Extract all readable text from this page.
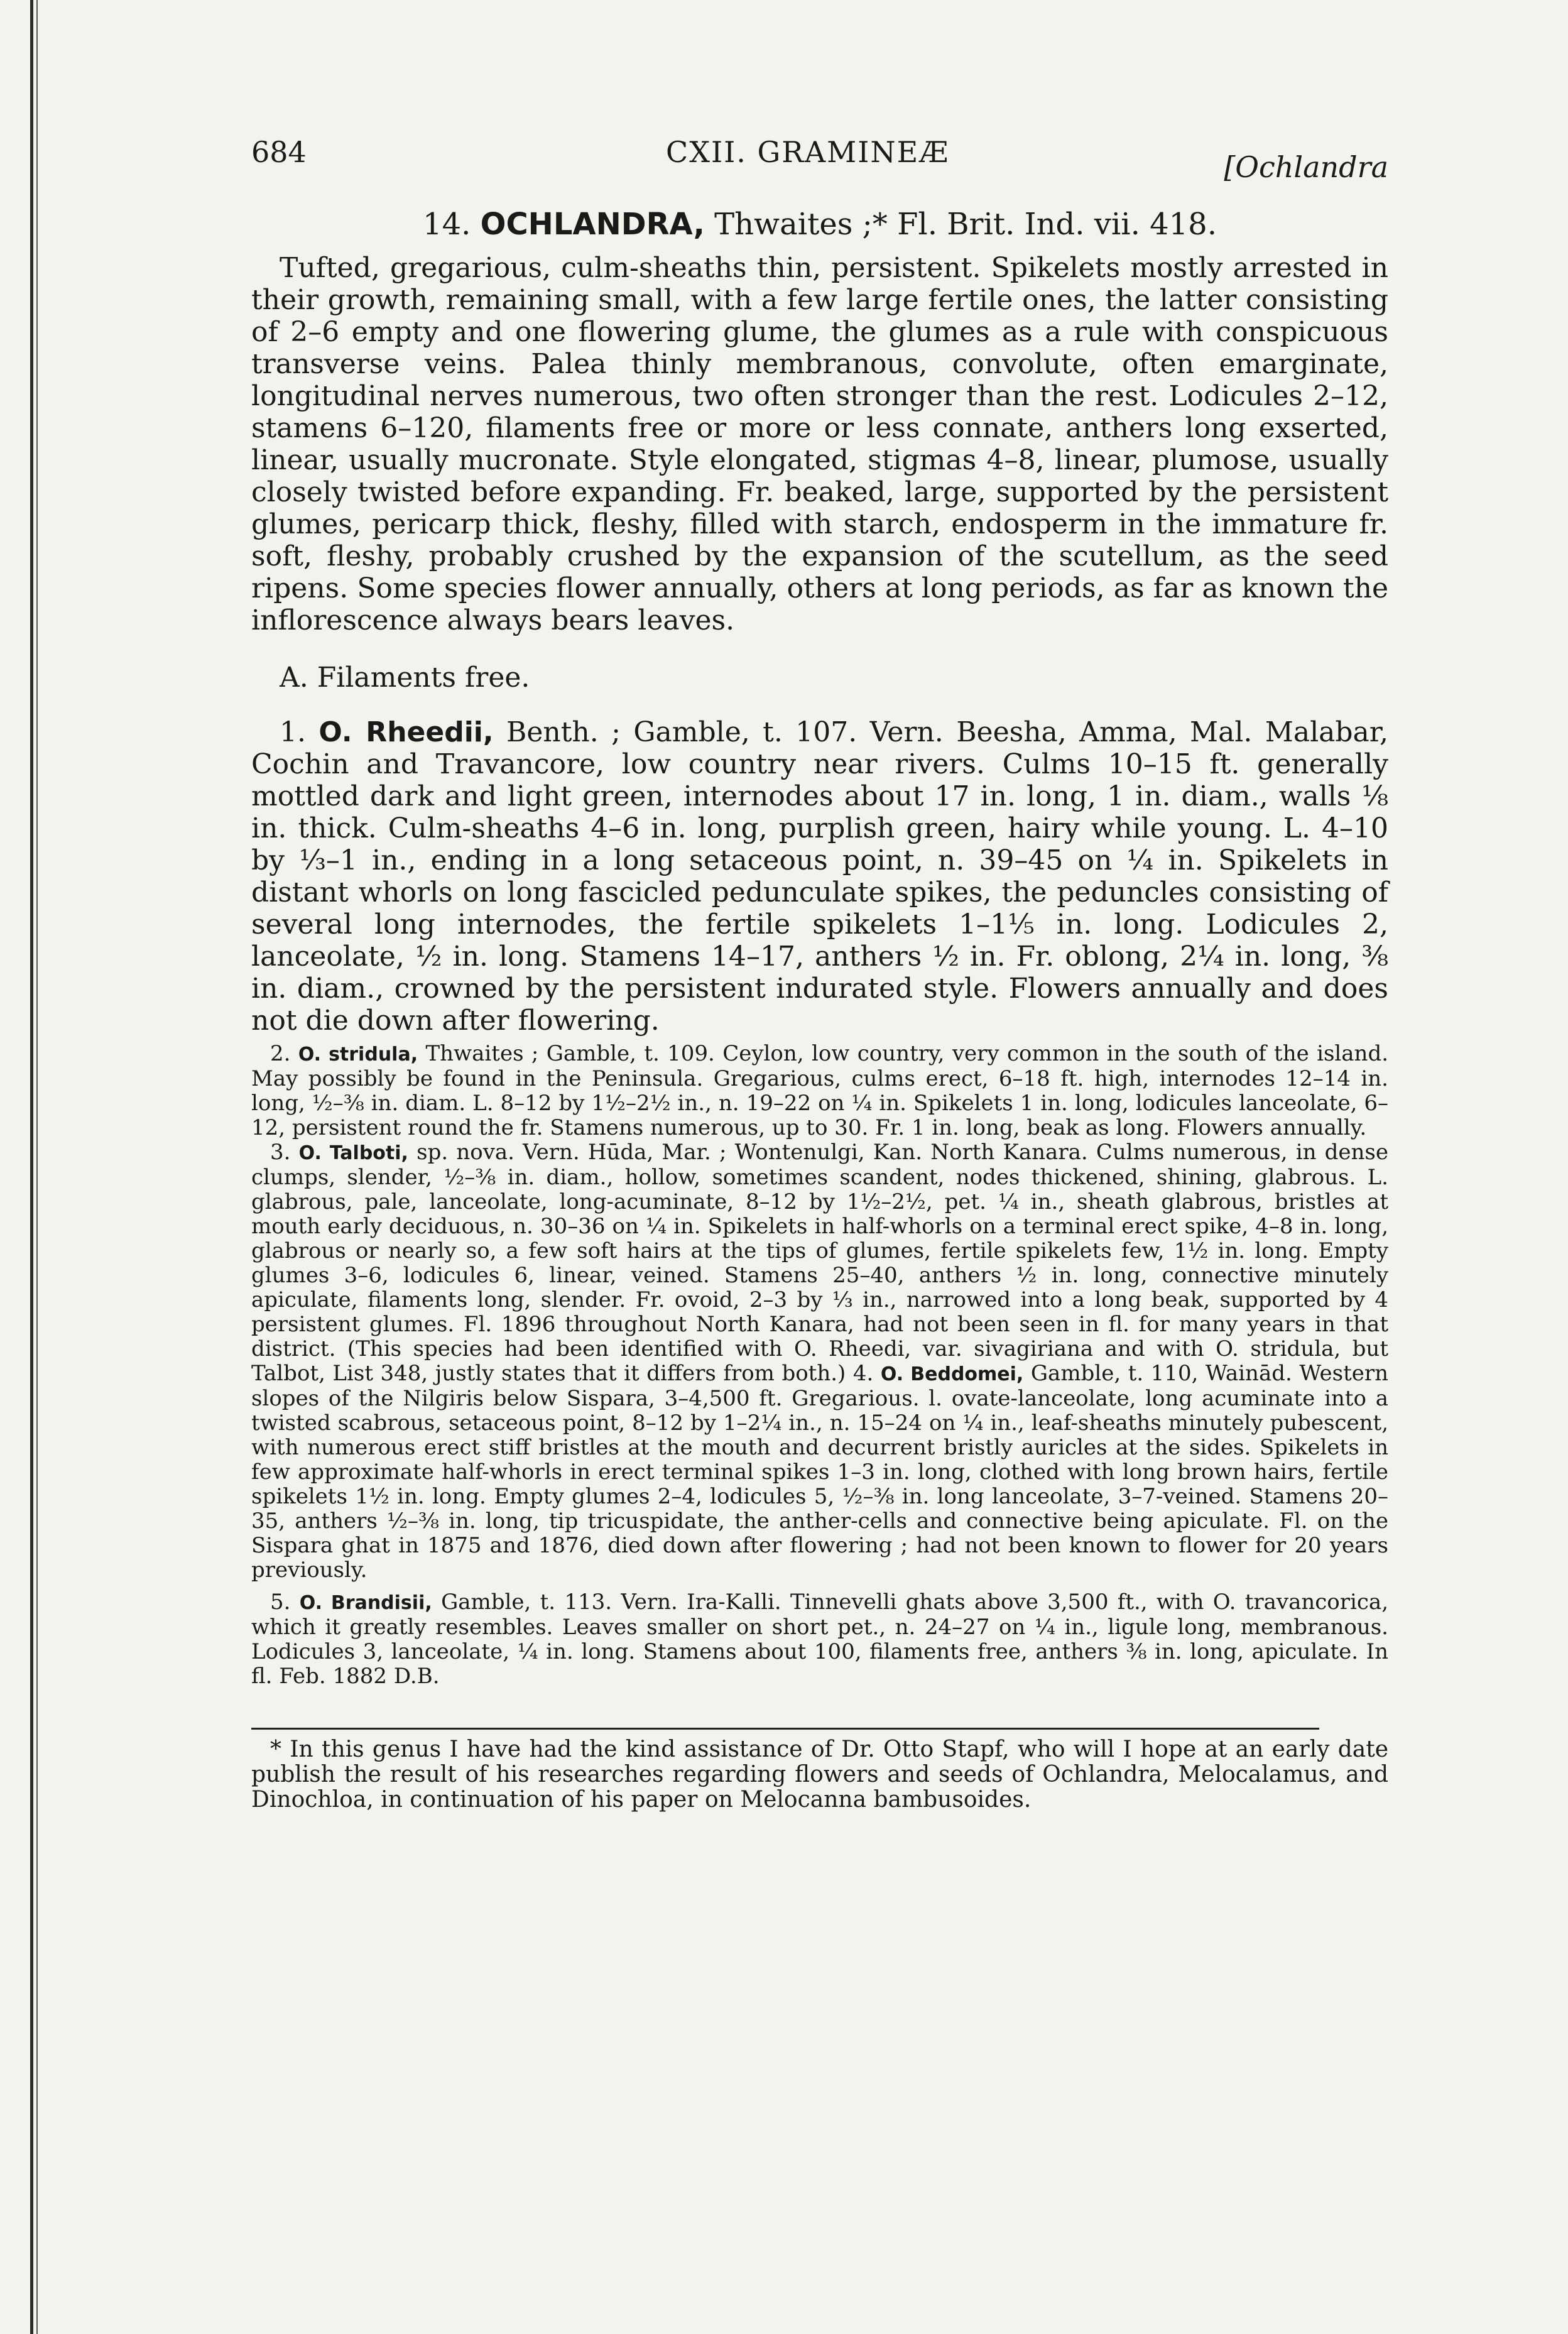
684	CXII. GRAMINEÆ	[Ochlandra
14. OCHLANDRA, Thwaites ;* Fl. Brit. Ind. vii. 418.

Tufted, gregarious, culm-sheaths thin, persistent. Spikelets mostly arrested in their growth, remaining small, with a few large fertile ones, the latter consisting of 2–6 empty and one flowering glume, the glumes as a rule with conspicuous transverse veins. Palea thinly membranous, convolute, often emarginate, longitudinal nerves numerous, two often stronger than the rest. Lodicules 2–12, stamens 6–120, filaments free or more or less connate, anthers long exserted, linear, usually mucronate. Style elongated, stigmas 4–8, linear, plumose, usually closely twisted before expanding. Fr. beaked, large, supported by the persistent glumes, pericarp thick, fleshy, filled with starch, endosperm in the immature fr. soft, fleshy, probably crushed by the expansion of the scutellum, as the seed ripens. Some species flower annually, others at long periods, as far as known the inflorescence always bears leaves.

A. Filaments free.

1. O. Rheedii, Benth. ; Gamble, t. 107. Vern. Beesha, Amma, Mal. Malabar, Cochin and Travancore, low country near rivers. Culms 10–15 ft. generally mottled dark and light green, internodes about 17 in. long, 1 in. diam., walls ⅛ in. thick. Culm-sheaths 4–6 in. long, purplish green, hairy while young. L. 4–10 by ⅓–1 in., ending in a long setaceous point, n. 39–45 on ¼ in. Spikelets in distant whorls on long fascicled pedunculate spikes, the peduncles consisting of several long internodes, the fertile spikelets 1–1⅕ in. long. Lodicules 2, lanceolate, ½ in. long. Stamens 14–17, anthers ½ in. Fr. oblong, 2¼ in. long, ⅜ in. diam., crowned by the persistent indurated style. Flowers annually and does not die down after flowering.

2. O. stridula, Thwaites ; Gamble, t. 109. Ceylon, low country, very common in the south of the island. May possibly be found in the Peninsula. Gregarious, culms erect, 6–18 ft. high, internodes 12–14 in. long, ½–⅜ in. diam. L. 8–12 by 1½–2½ in., n. 19–22 on ¼ in. Spikelets 1 in. long, lodicules lanceolate, 6–12, persistent round the fr. Stamens numerous, up to 30. Fr. 1 in. long, beak as long. Flowers annually.

3. O. Talboti, sp. nova. Vern. Hūda, Mar. ; Wontenulgi, Kan. North Kanara. Culms numerous, in dense clumps, slender, ½–⅜ in. diam., hollow, sometimes scandent, nodes thickened, shining, glabrous. L. glabrous, pale, lanceolate, long-acuminate, 8–12 by 1½–2½, pet. ¼ in., sheath glabrous, bristles at mouth early deciduous, n. 30–36 on ¼ in. Spikelets in half-whorls on a terminal erect spike, 4–8 in. long, glabrous or nearly so, a few soft hairs at the tips of glumes, fertile spikelets few, 1½ in. long. Empty glumes 3–6, lodicules 6, linear, veined. Stamens 25–40, anthers ½ in. long, connective minutely apiculate, filaments long, slender. Fr. ovoid, 2–3 by ⅓ in., narrowed into a long beak, supported by 4 persistent glumes. Fl. 1896 throughout North Kanara, had not been seen in fl. for many years in that district. (This species had been identified with O. Rheedi, var. sivagiriana and with O. stridula, but Talbot, List 348, justly states that it differs from both.) 4. O. Beddomei, Gamble, t. 110, Wainād. Western slopes of the Nilgiris below Sispara, 3–4,500 ft. Gregarious. l. ovate-lanceolate, long acuminate into a twisted scabrous, setaceous point, 8–12 by 1–2¼ in., n. 15–24 on ¼ in., leaf-sheaths minutely pubescent, with numerous erect stiff bristles at the mouth and decurrent bristly auricles at the sides. Spikelets in few approximate half-whorls in erect terminal spikes 1–3 in. long, clothed with long brown hairs, fertile spikelets 1½ in. long. Empty glumes 2–4, lodicules 5, ½–⅜ in. long lanceolate, 3–7-veined. Stamens 20–35, anthers ½–⅜ in. long, tip tricuspidate, the anther-cells and connective being apiculate. Fl. on the Sispara ghat in 1875 and 1876, died down after flowering ; had not been known to flower for 20 years previously.

5. O. Brandisii, Gamble, t. 113. Vern. Ira-Kalli. Tinnevelli ghats above 3,500 ft., with O. travancorica, which it greatly resembles. Leaves smaller on short pet., n. 24–27 on ¼ in., ligule long, membranous. Lodicules 3, lanceolate, ¼ in. long. Stamens about 100, filaments free, anthers ⅜ in. long, apiculate. In fl. Feb. 1882 D.B.

* In this genus I have had the kind assistance of Dr. Otto Stapf, who will I hope at an early date publish the result of his researches regarding flowers and seeds of Ochlandra, Melocalamus, and Dinochloa, in continuation of his paper on Melocanna bambusoides.
